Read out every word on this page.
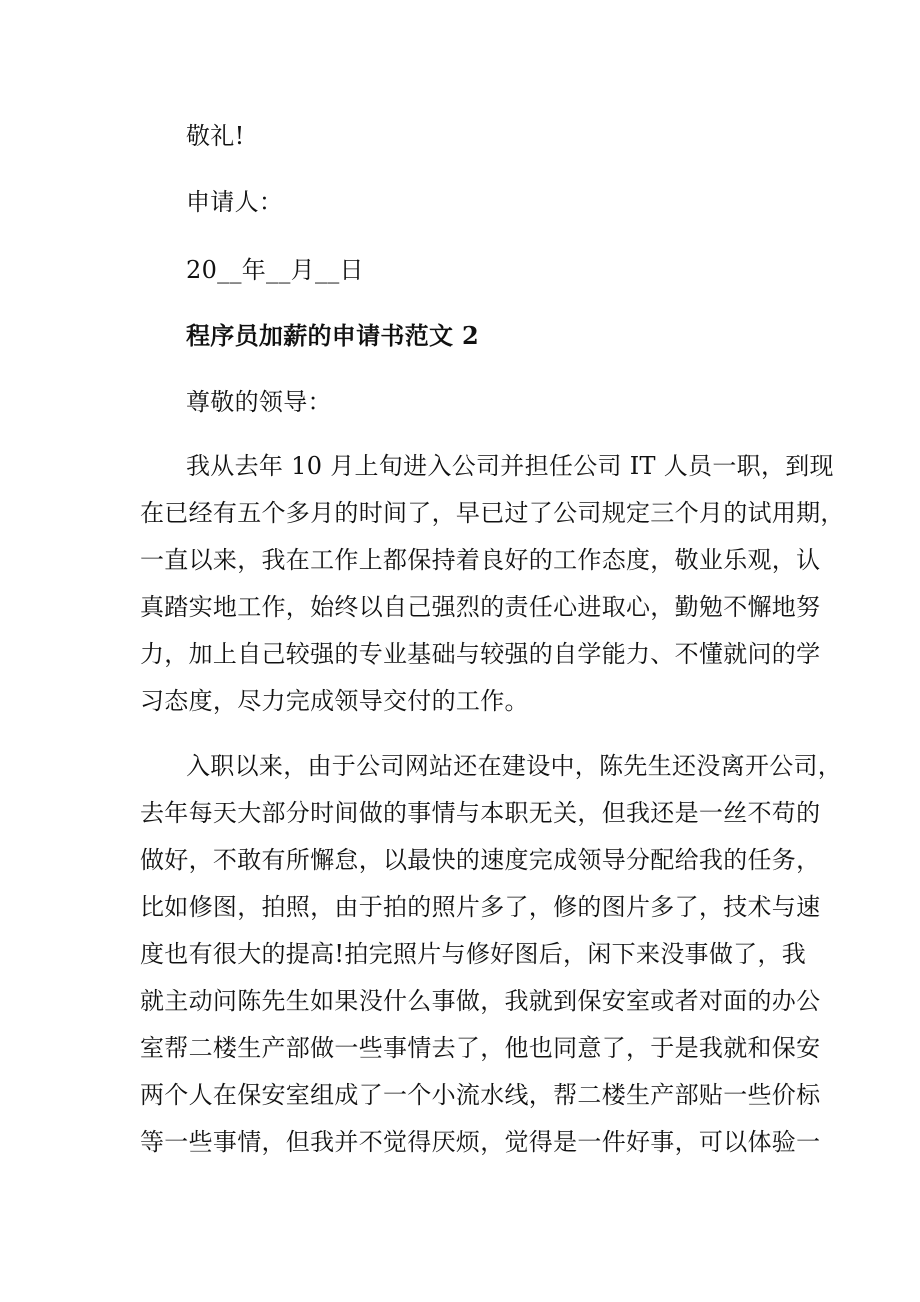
敬礼!
申请人：
20__年__月__日
程序员加薪的申请书范文 2
尊敬的领导：
我从去年 10 月上旬进入公司并担任公司 IT 人员一职，到现
在已经有五个多月的时间了，早已过了公司规定三个月的试用期，
一直以来，我在工作上都保持着良好的工作态度，敬业乐观，认
真踏实地工作，始终以自己强烈的责任心进取心，勤勉不懈地努
力，加上自己较强的专业基础与较强的自学能力、不懂就问的学
习态度，尽力完成领导交付的工作。
入职以来，由于公司网站还在建设中，陈先生还没离开公司，
去年每天大部分时间做的事情与本职无关，但我还是一丝不苟的
做好，不敢有所懈怠，以最快的速度完成领导分配给我的任务，
比如修图，拍照，由于拍的照片多了，修的图片多了，技术与速
度也有很大的提高!拍完照片与修好图后，闲下来没事做了，我
就主动问陈先生如果没什么事做，我就到保安室或者对面的办公
室帮二楼生产部做一些事情去了，他也同意了，于是我就和保安
两个人在保安室组成了一个小流水线，帮二楼生产部贴一些价标
等一些事情，但我并不觉得厌烦，觉得是一件好事，可以体验一
